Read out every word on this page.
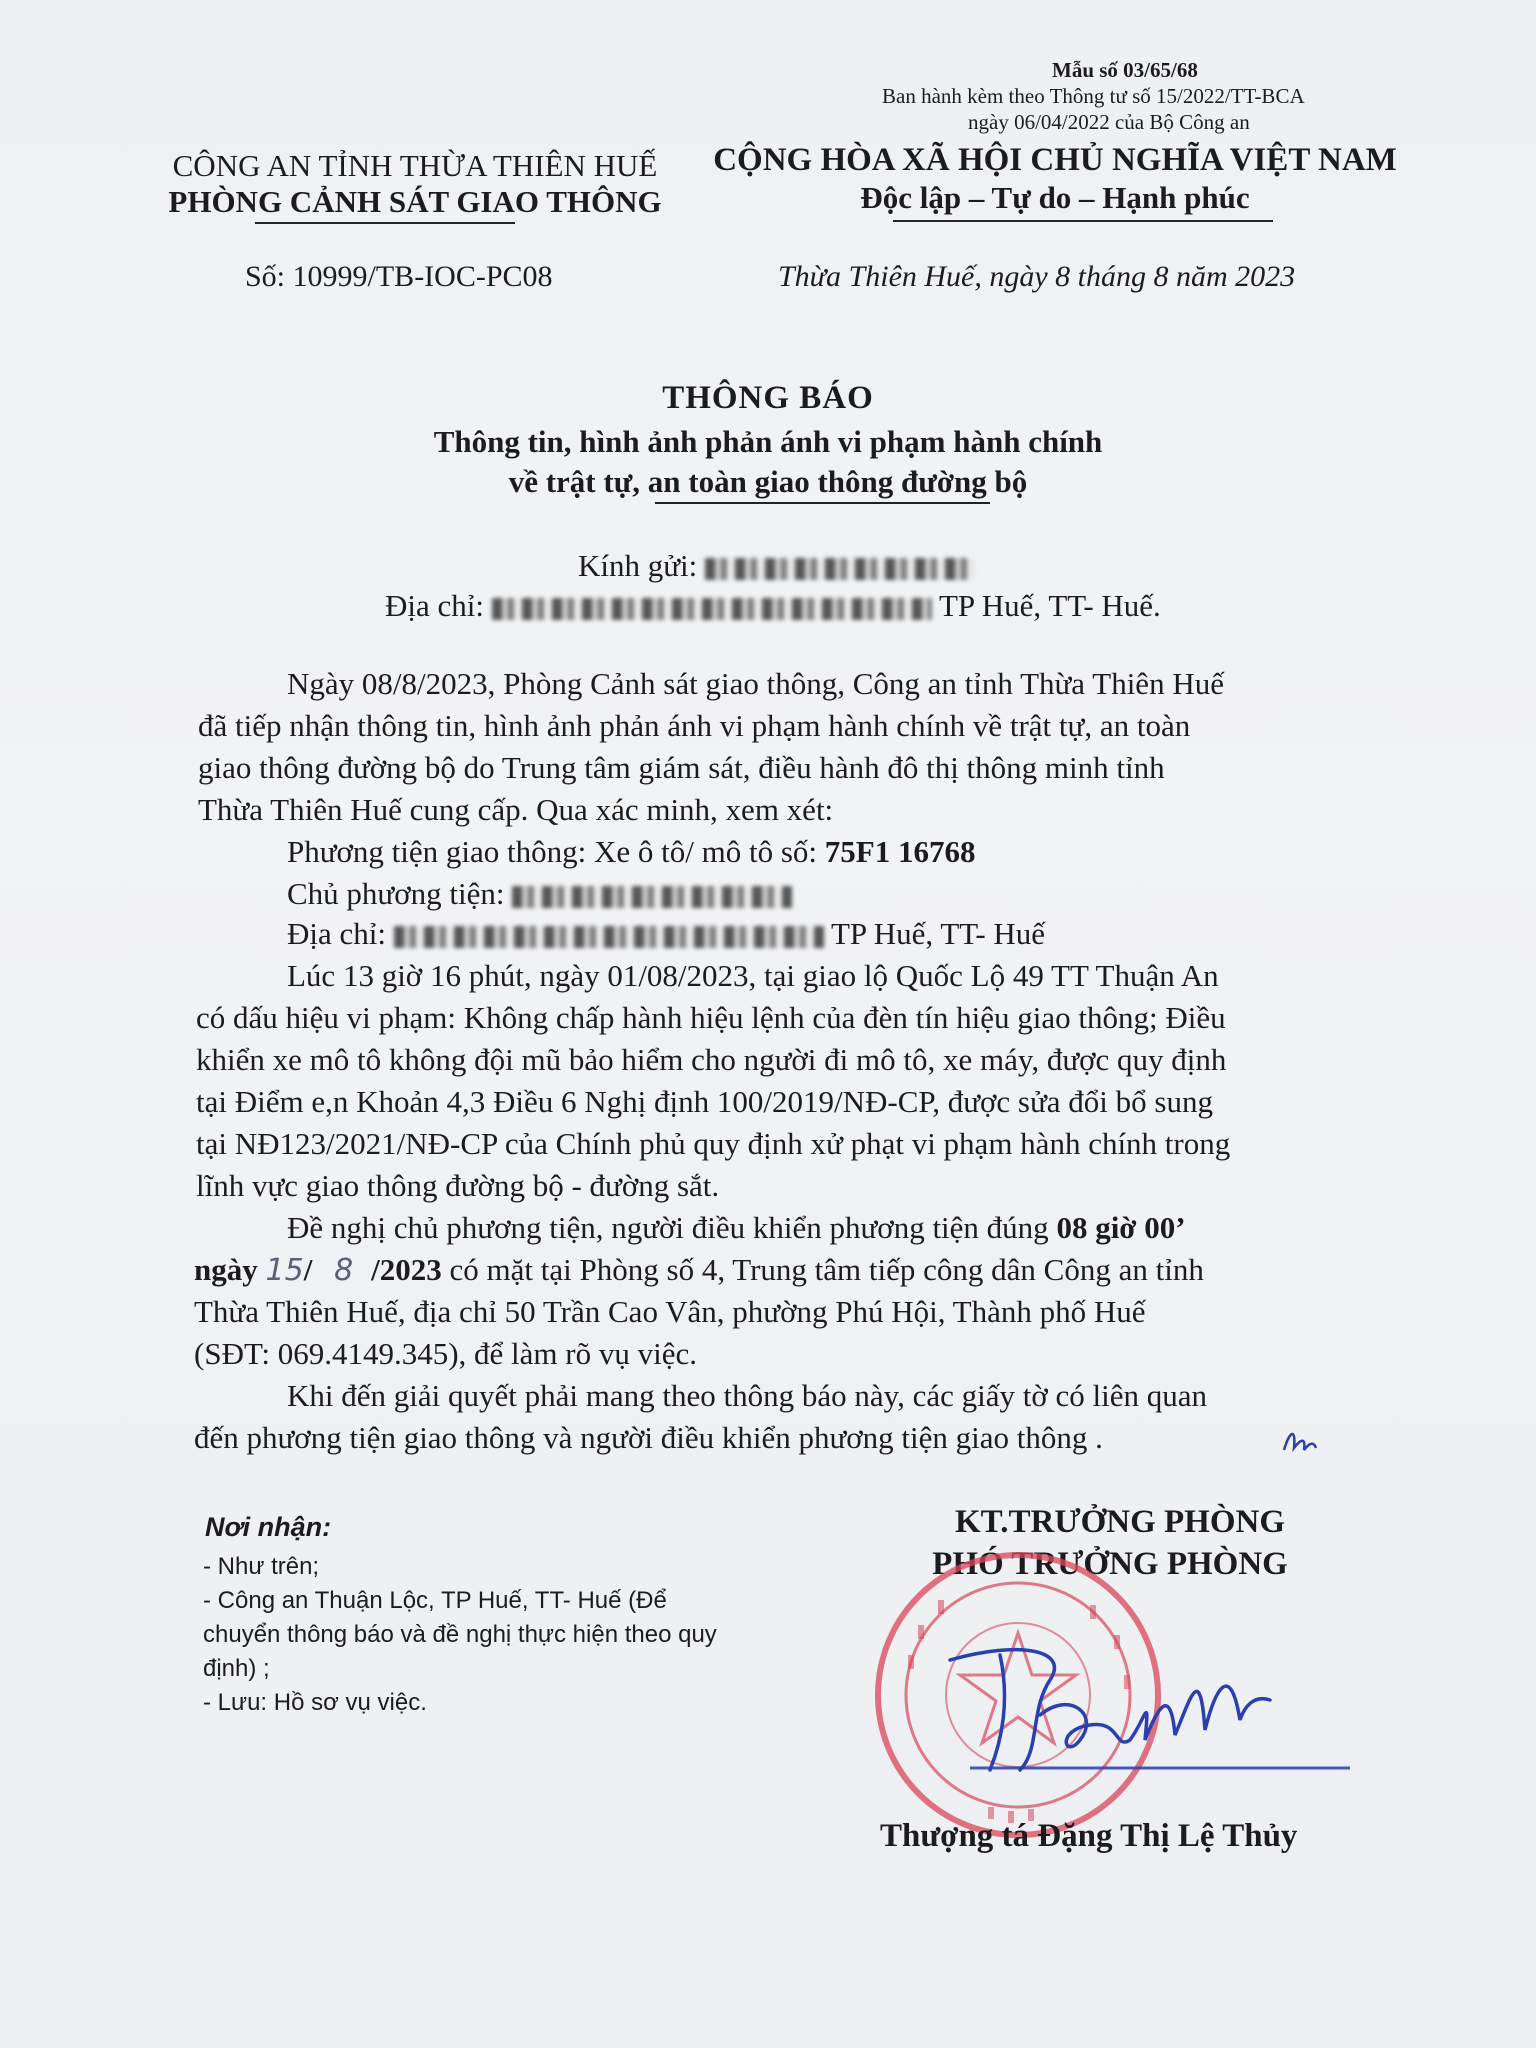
Mẫu số 03/65/68
Ban hành kèm theo Thông tư số 15/2022/TT-BCA
ngày 06/04/2022 của Bộ Công an
CÔNG AN TỈNH THỪA THIÊN HUẾ
PHÒNG CẢNH SÁT GIAO THÔNG
Số: 10999/TB-IOC-PC08
CỘNG HÒA XÃ HỘI CHỦ NGHĨA VIỆT NAM
Độc lập – Tự do – Hạnh phúc
Thừa Thiên Huế, ngày 8 tháng 8 năm 2023
THÔNG BÁO
Thông tin, hình ảnh phản ánh vi phạm hành chính
về trật tự, an toàn giao thông đường bộ
Kính gửi:
Địa chỉ:	TP Huế, TT- Huế.
Ngày 08/8/2023, Phòng Cảnh sát giao thông, Công an tỉnh Thừa Thiên Huế
đã tiếp nhận thông tin, hình ảnh phản ánh vi phạm hành chính về trật tự, an toàn
giao thông đường bộ do Trung tâm giám sát, điều hành đô thị thông minh tỉnh
Thừa Thiên Huế cung cấp. Qua xác minh, xem xét:
Phương tiện giao thông: Xe ô tô/ mô tô số: 75F1 16768
Chủ phương tiện:
Địa chỉ:	TP Huế, TT- Huế
Lúc 13 giờ 16 phút, ngày 01/08/2023, tại giao lộ Quốc Lộ 49 TT Thuận An
có dấu hiệu vi phạm: Không chấp hành hiệu lệnh của đèn tín hiệu giao thông; Điều
khiển xe mô tô không đội mũ bảo hiểm cho người đi mô tô, xe máy, được quy định
tại Điểm e,n Khoản 4,3 Điều 6 Nghị định 100/2019/NĐ-CP, được sửa đổi bổ sung
tại NĐ123/2021/NĐ-CP của Chính phủ quy định xử phạt vi phạm hành chính trong
lĩnh vực giao thông đường bộ - đường sắt.
Đề nghị chủ phương tiện, người điều khiển phương tiện đúng 08 giờ 00’
ngày 15/ 8 /2023 có mặt tại Phòng số 4, Trung tâm tiếp công dân Công an tỉnh
Thừa Thiên Huế, địa chỉ 50 Trần Cao Vân, phường Phú Hội, Thành phố Huế
(SĐT: 069.4149.345), để làm rõ vụ việc.
Khi đến giải quyết phải mang theo thông báo này, các giấy tờ có liên quan
đến phương tiện giao thông và người điều khiển phương tiện giao thông .
Nơi nhận:
- Như trên;
- Công an Thuận Lộc, TP Huế, TT- Huế (Để
chuyển thông báo và đề nghị thực hiện theo quy
định) ;
- Lưu: Hồ sơ vụ việc.
KT.TRƯỞNG PHÒNG
PHÓ TRƯỞNG PHÒNG
Thượng tá Đặng Thị Lệ Thủy
